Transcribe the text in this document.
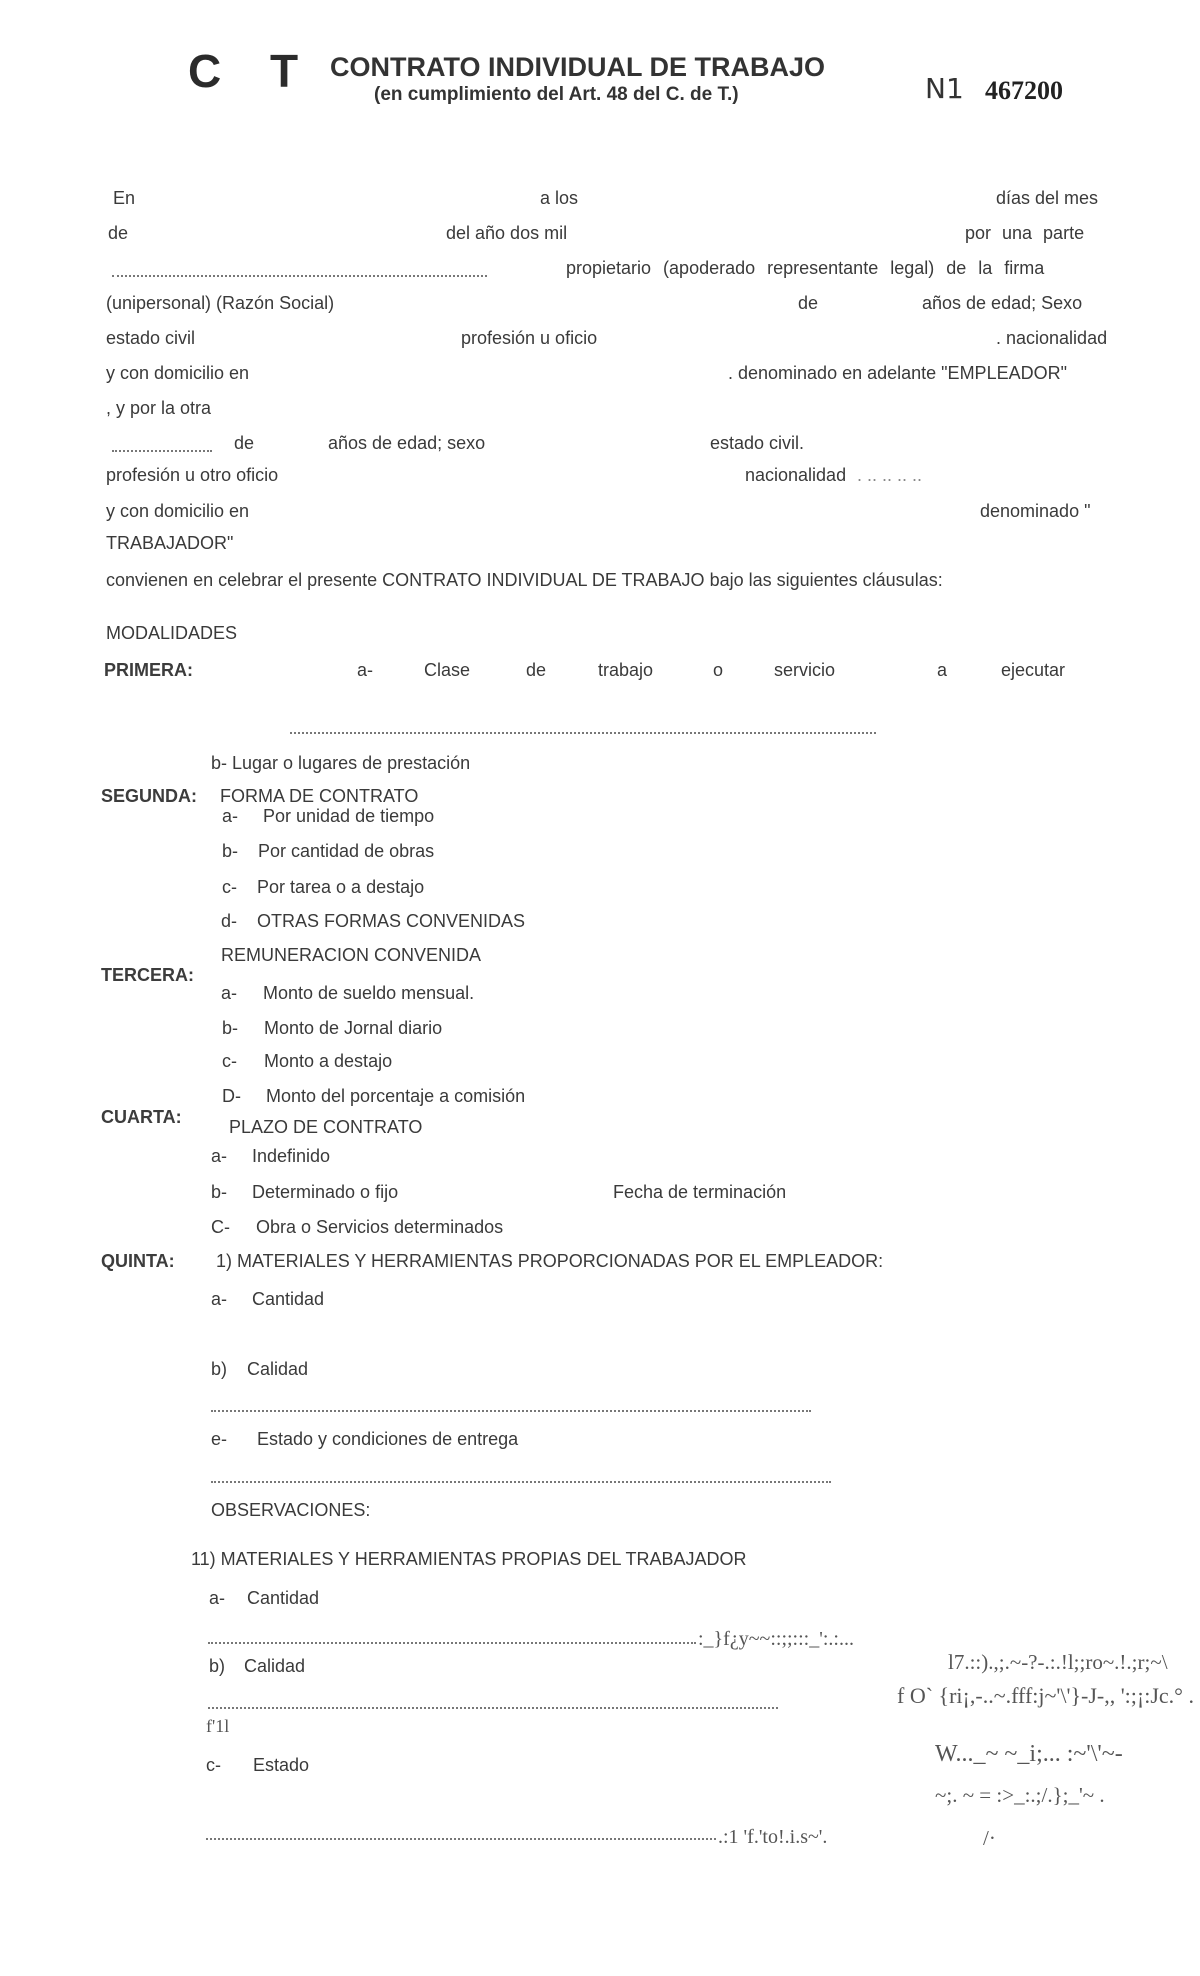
C T CONTRATO INDIVIDUAL DE TRABAJO
(en cumplimiento del Art. 48 del C. de T.)	N1 467200
En	a los	días del mes
de	del año dos mil	por una parte
propietario (apoderado representante legal) de la firma
(unipersonal) (Razón Social)	de	años de edad; Sexo
estado civil	profesión u oficio	. nacionalidad
y con domicilio en	. denominado en adelante "EMPLEADOR"
, y por la otra
de	años de edad; sexo	estado civil.
profesión u otro oficio	nacionalidad . .. .. .. ..
y con domicilio en	denominado "
TRABAJADOR"
convienen en celebrar el presente CONTRATO INDIVIDUAL DE TRABAJO bajo las siguientes cláusulas:
MODALIDADES
PRIMERA:	a-	Clase	de	trabajo	o	servicio	a	ejecutar
b- Lugar o lugares de prestación
SEGUNDA: FORMA DE CONTRATO
a- Por unidad de tiempo
b- Por cantidad de obras
c- Por tarea o a destajo
d- OTRAS FORMAS CONVENIDAS
REMUNERACION CONVENIDA
TERCERA:
a- Monto de sueldo mensual.
b- Monto de Jornal diario
c- Monto a destajo
D- Monto del porcentaje a comisión
CUARTA:	PLAZO DE CONTRATO
a- Indefinido
b- Determinado o fijo	Fecha de terminación
C- Obra o Servicios determinados
QUINTA: 1) MATERIALES Y HERRAMIENTAS PROPORCIONADAS POR EL EMPLEADOR:
a- Cantidad
b) Calidad
e- Estado y condiciones de entrega
OBSERVACIONES:
11) MATERIALES Y HERRAMIENTAS PROPIAS DEL TRABAJADOR
a- Cantidad
:_}f¿y~~::;;:::_':.:...
b) Calidad
f'1l
c- Estado
.:1 'f.'to!.i.s~'.
l7.::).,;.~-?-.:.!l;;ro~.!.;r;~\
f O` {ri¡,-..~.fff:j~'\'}-J-,, ':;¡:Jc.° .
W..._~ ~_i;... :~'\'~-
~;. ~ = :>_:.;/.};_'~ .
/·
